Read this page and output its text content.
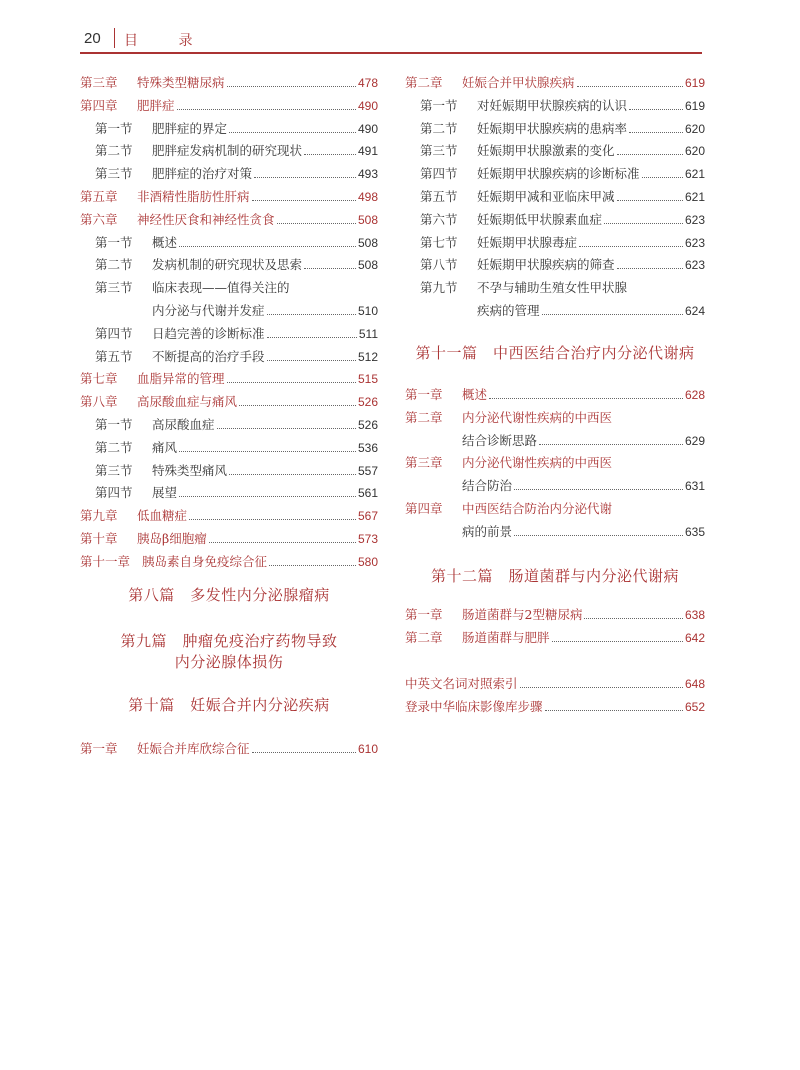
20 目 录
第三章 特殊类型糖尿病	478
第四章 肥胖症	490
第一节 肥胖症的界定	490
第二节 肥胖症发病机制的研究现状	491
第三节 肥胖症的治疗对策	493
第五章 非酒精性脂肪性肝病	498
第六章 神经性厌食和神经性贪食	508
第一节 概述	508
第二节 发病机制的研究现状及思索	508
第三节 临床表现——值得关注的
内分泌与代谢并发症	510
第四节 日趋完善的诊断标准	511
第五节 不断提高的治疗手段	512
第七章 血脂异常的管理	515
第八章 高尿酸血症与痛风	526
第一节 高尿酸血症	526
第二节 痛风	536
第三节 特殊类型痛风	557
第四节 展望	561
第九章 低血糖症	567
第十章 胰岛β细胞瘤	573
第十一章 胰岛素自身免疫综合征	580
第八篇　多发性内分泌腺瘤病
第九篇　肿瘤免疫治疗药物导致
内分泌腺体损伤
第十篇　妊娠合并内分泌疾病
第一章 妊娠合并库欣综合征	610
第二章 妊娠合并甲状腺疾病	619
第一节 对妊娠期甲状腺疾病的认识	619
第二节 妊娠期甲状腺疾病的患病率	620
第三节 妊娠期甲状腺激素的变化	620
第四节 妊娠期甲状腺疾病的诊断标准	621
第五节 妊娠期甲减和亚临床甲减	621
第六节 妊娠期低甲状腺素血症	623
第七节 妊娠期甲状腺毒症	623
第八节 妊娠期甲状腺疾病的筛查	623
第九节 不孕与辅助生殖女性甲状腺
疾病的管理	624
第十一篇　中西医结合治疗内分泌代谢病
第一章 概述	628
第二章 内分泌代谢性疾病的中西医
结合诊断思路	629
第三章 内分泌代谢性疾病的中西医
结合防治	631
第四章 中西医结合防治内分泌代谢
病的前景	635
第十二篇　肠道菌群与内分泌代谢病
第一章 肠道菌群与2型糖尿病	638
第二章 肠道菌群与肥胖	642
中英文名词对照索引	648
登录中华临床影像库步骤	652
